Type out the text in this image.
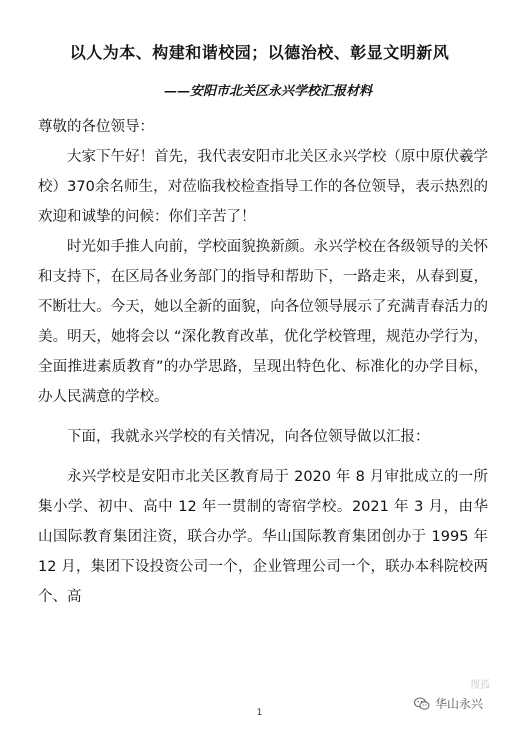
以人为本、构建和谐校园；以德治校、彰显文明新风
——安阳市北关区永兴学校汇报材料

尊敬的各位领导：

大家下午好！首先，我代表安阳市北关区永兴学校（原中原伏羲学校）370余名师生，对莅临我校检查指导工作的各位领导，表示热烈的欢迎和诚挚的问候：你们辛苦了！

时光如手推人向前，学校面貌换新颜。永兴学校在各级领导的关怀和支持下，在区局各业务部门的指导和帮助下，一路走来，从春到夏，不断壮大。今天，她以全新的面貌，向各位领导展示了充满青春活力的美。明天，她将会以 “深化教育改革，优化学校管理，规范办学行为，全面推进素质教育”的办学思路，呈现出特色化、标准化的办学目标，办人民满意的学校。

下面，我就永兴学校的有关情况，向各位领导做以汇报：

永兴学校是安阳市北关区教育局于 2020 年 8 月审批成立的一所集小学、初中、高中 12 年一贯制的寄宿学校。2021 年 3 月，由华山国际教育集团注资，联合办学。华山国际教育集团创办于 1995 年 12 月，集团下设投资公司一个，企业管理公司一个，联办本科院校两个、高

搜狐
1
华山永兴
